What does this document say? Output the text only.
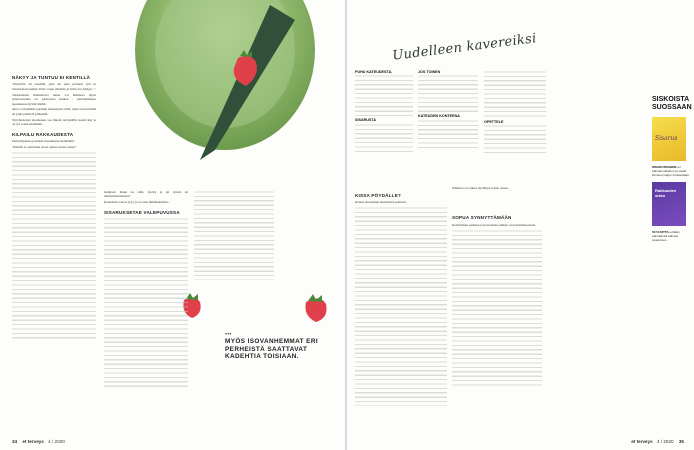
NÄKYY JA TUNTUU EI KENTILLÄ

"Pomoilla oli suosikki, joka sai aina parhaat työt ja hienoimmat matkat. Etsin vuoja viitoksia ja tekin sen pääsyn..."

Sisarkateutta muistuttava tunne voi kimmota myös työkavereiden tai ystävysten kesken - parhaimmassa tapauksessa hyvää mieltä.

Aina voi kadehtia parempi menestystä, niitä, jotka saavat nimiä tai jotka pääsivät pölkeällä.

Työyhteisössä sisarkateus saa ilmetä vertymällä, kenkä käy ja on työ toisia enemmän.

KILPAILU RAKKAUDESTA

Pertinnöjansua jossakin sisaruksesta herättämä.

"Kaikila se saavuttaa sinun anaan enaan anaan"

hengissä. Kuka on siitti, kyräty ja tai työssä tai ammattituomioista?

Kateusista valoaa ja ja, ja on aina ihmiskunnalla...

SISARUKSETAE VALEPUVUSSA
MYÖS ISOVANHEMMAT ERI PERHEISTÄ SAATTAVAT KADEHTIA TOISIAAN.
•••
34 et terveys 4 / 2020
Uudelleen kavereiksi
PUHU KATEUDESTA,
SISARUSTA
JOS TOINEN
KATEUDEN KONTEENA
OPETTELE
KISSA PÖYDÄLLE?

Kateus sisaruuden merkitystä pelataan.

Ihmisten on vaikea hyväksyä toisen onnea.

SOPUA SYNNYTTÄMÄÄN

Keskiväisen perheen ja kavereiden suhteet ovat monimuotoisia.

SISKOISTA SUOSSAAN
Sisarus
SISARUSSUHDE on elämänmittainen ja vaatii ihmisen paljon ilmaisultaan.
Rakkauden sisko
50 VUOTTA erillään elämäänsä eläneet sisarukset...
et terveys 4 / 2020 35
